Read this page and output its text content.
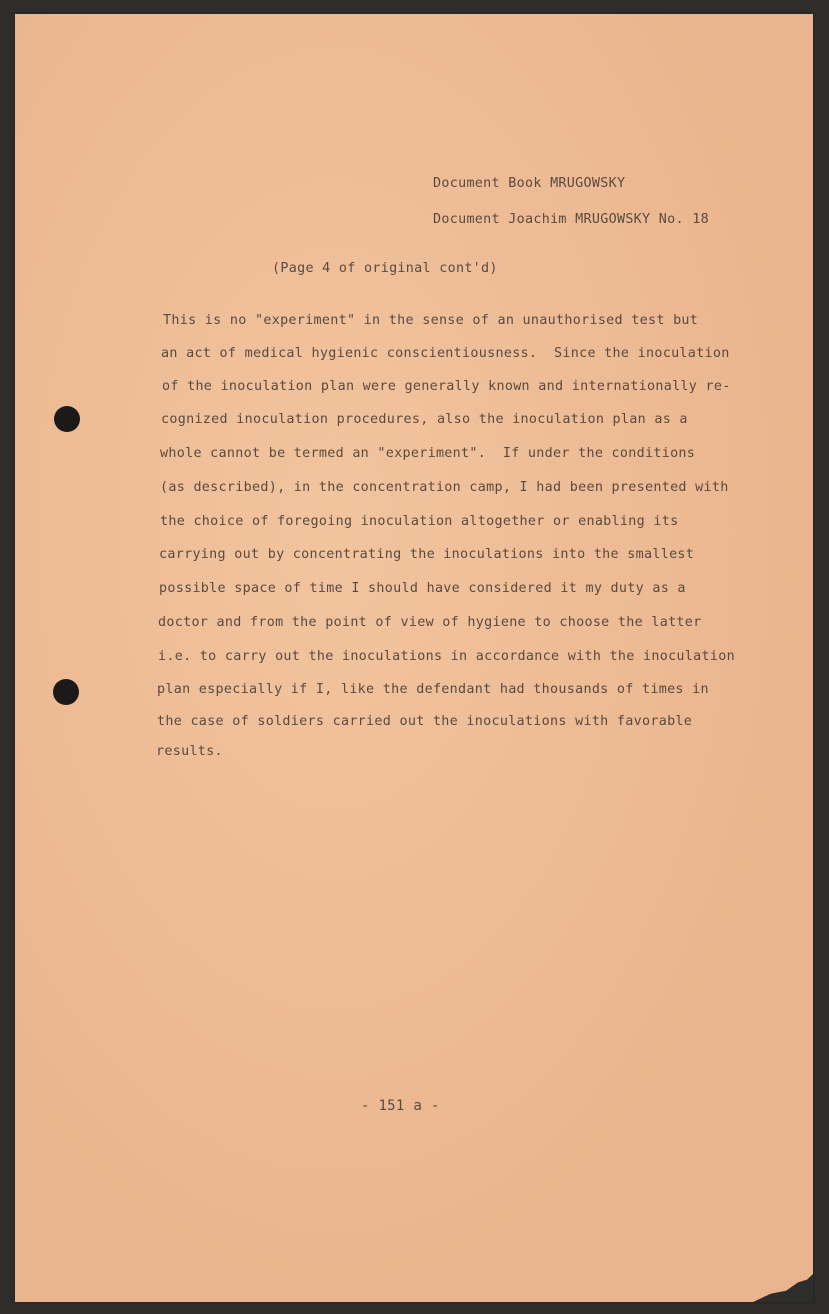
Document Book MRUGOWSKY
Document Joachim MRUGOWSKY No. 18
(Page 4 of original cont'd)
This is no "experiment" in the sense of an unauthorised test but
an act of medical hygienic conscientiousness.  Since the inoculation
of the inoculation plan were generally known and internationally re-
cognized inoculation procedures, also the inoculation plan as a
whole cannot be termed an "experiment".  If under the conditions
(as described), in the concentration camp, I had been presented with
the choice of foregoing inoculation altogether or enabling its
carrying out by concentrating the inoculations into the smallest
possible space of time I should have considered it my duty as a
doctor and from the point of view of hygiene to choose the latter
i.e. to carry out the inoculations in accordance with the inoculation
plan especially if I, like the defendant had thousands of times in
the case of soldiers carried out the inoculations with favorable
results.
- 151 a -
